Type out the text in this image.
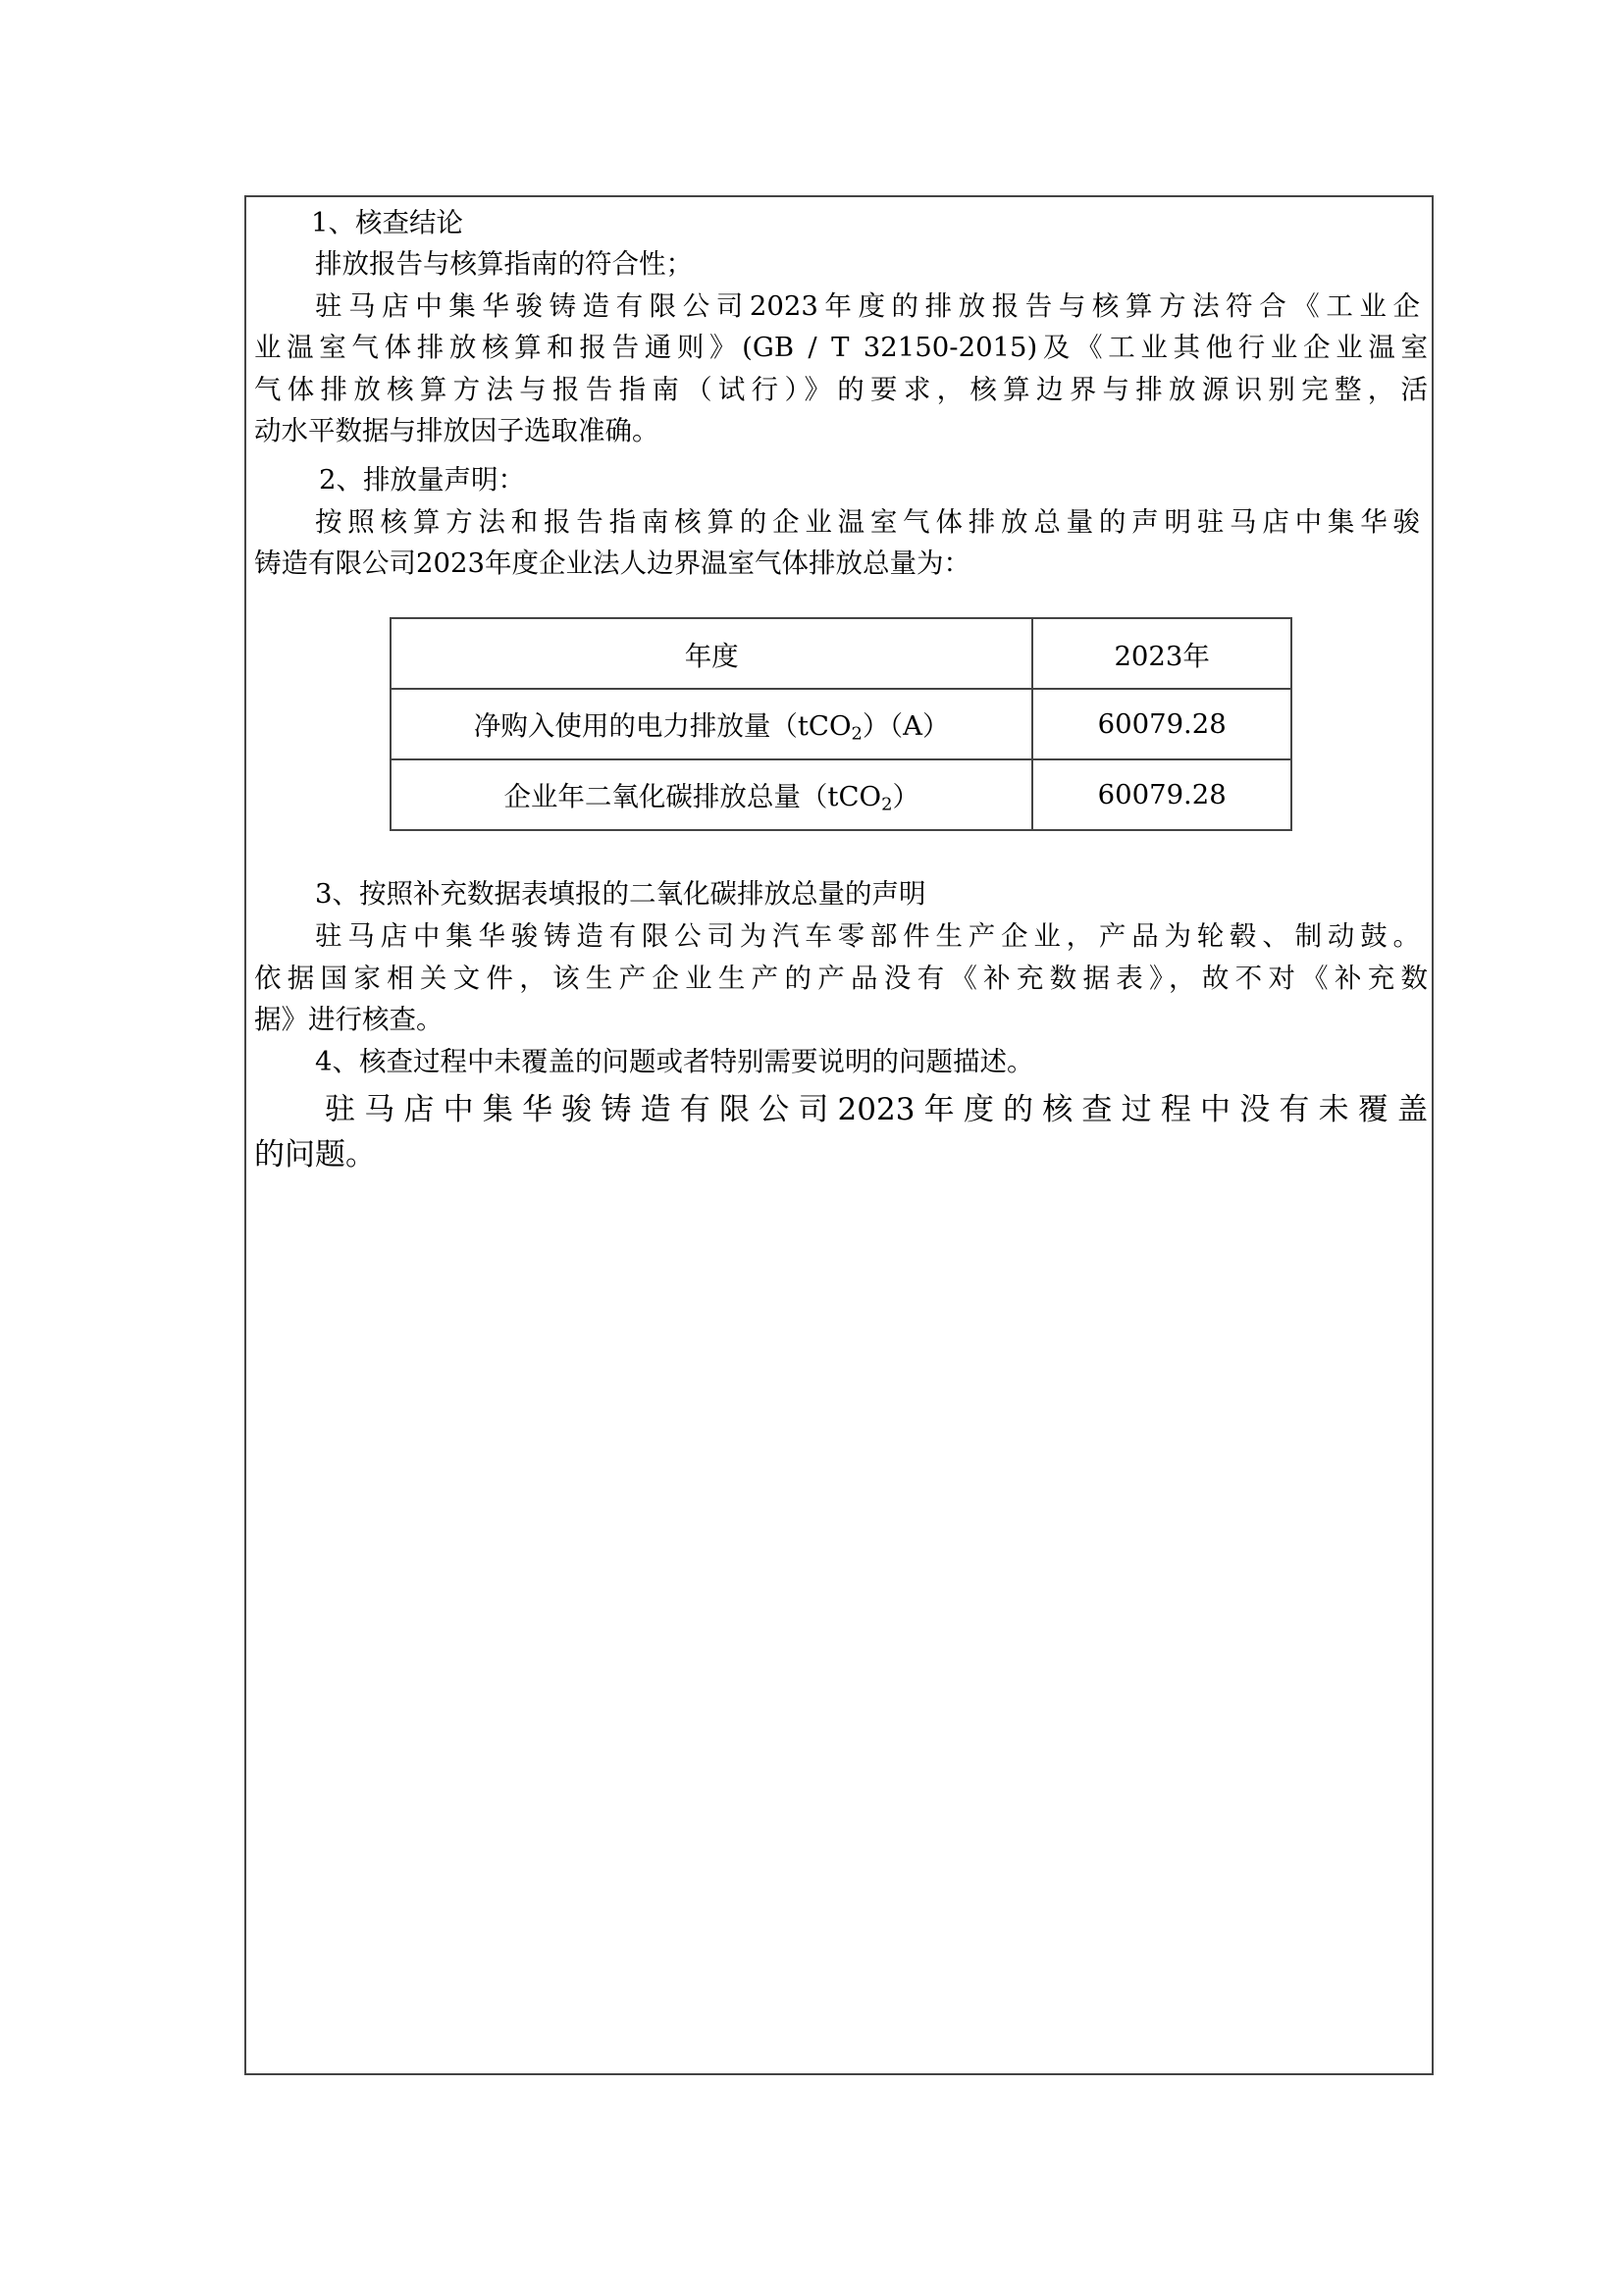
1、核查结论
排放报告与核算指南的符合性；
驻马店中集华骏铸造有限公司2023年度的排放报告与核算方法符合《工业企
业温室气体排放核算和报告通则》(GB / T 32150-2015)及《工业其他行业企业温室
气体排放核算方法与报告指南（试行）》的要求，核算边界与排放源识别完整，活
动水平数据与排放因子选取准确。
2、排放量声明：
按照核算方法和报告指南核算的企业温室气体排放总量的声明驻马店中集华骏
铸造有限公司2023年度企业法人边界温室气体排放总量为：
年度	2023年
净购入使用的电力排放量（tCO$_2$）（A）	60079.28
企业年二氧化碳排放总量（tCO$_2$）	60079.28
3、按照补充数据表填报的二氧化碳排放总量的声明
驻马店中集华骏铸造有限公司为汽车零部件生产企业，产品为轮毂、制动鼓。
依据国家相关文件，该生产企业生产的产品没有《补充数据表》，故不对《补充数
据》进行核查。
4、核查过程中未覆盖的问题或者特别需要说明的问题描述。
驻马店中集华骏铸造有限公司2023年度的核查过程中没有未覆盖
的问题。
